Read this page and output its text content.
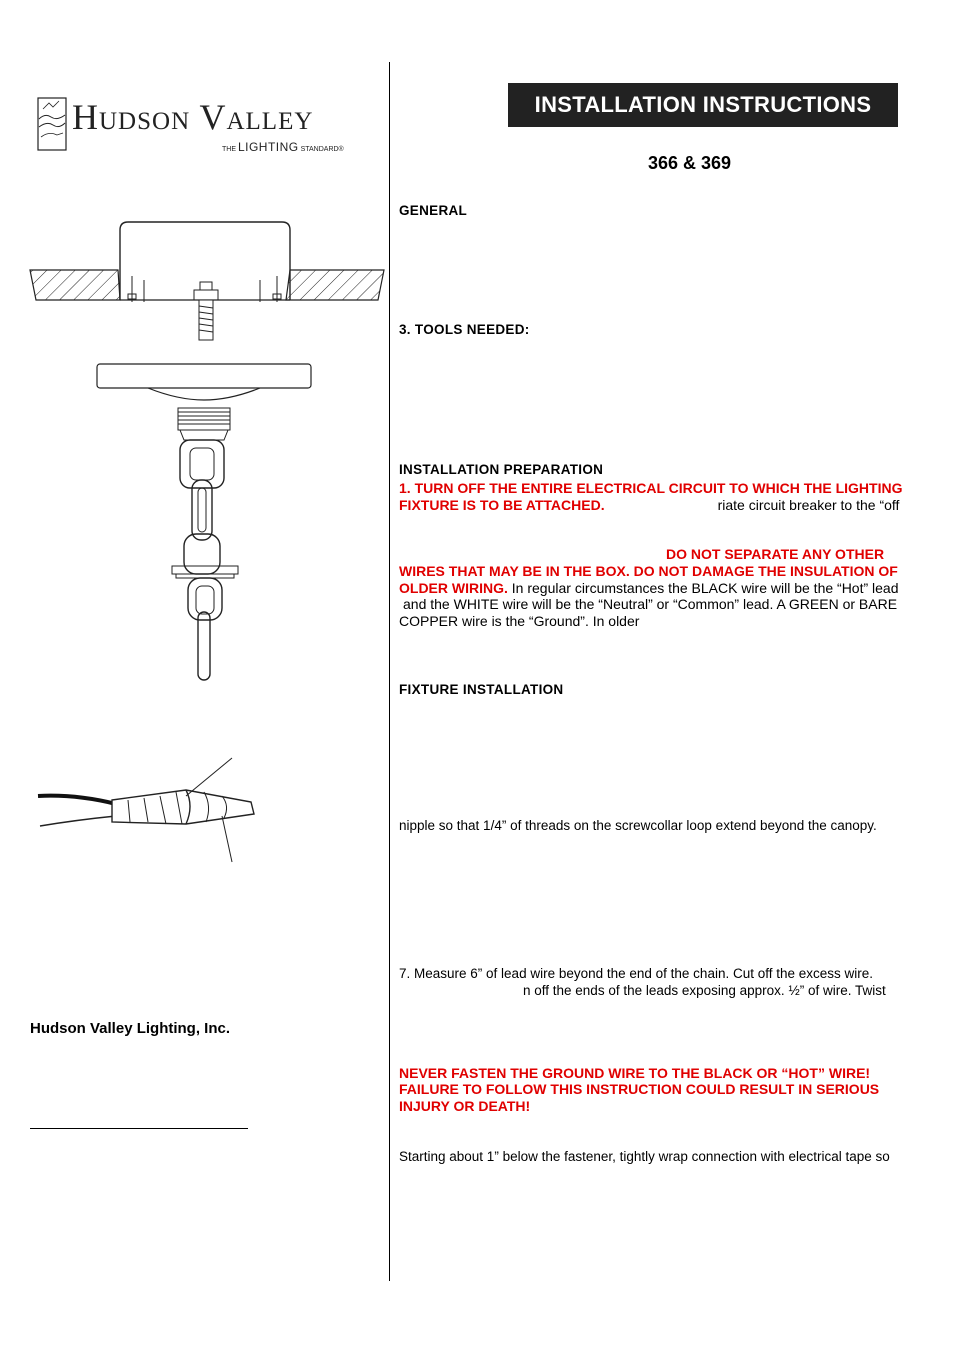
Hudson Valley
THE LIGHTING STANDARD®
Hudson Valley Lighting, Inc.
INSTALLATION INSTRUCTIONS
366 & 369
GENERAL
3. TOOLS NEEDED:
INSTALLATION PREPARATION
1. TURN OFF THE ENTIRE ELECTRICAL CIRCUIT TO WHICH THE LIGHTING
FIXTURE IS TO BE ATTACHED.	riate circuit breaker to the “off
DO NOT SEPARATE ANY OTHER
WIRES THAT MAY BE IN THE BOX. DO NOT DAMAGE THE INSULATION OF
OLDER WIRING. In regular circumstances the BLACK wire will be the “Hot” lead
and the WHITE wire will be the “Neutral” or “Common” lead. A GREEN or BARE
COPPER wire is the “Ground”. In older
FIXTURE INSTALLATION
nipple so that 1/4” of threads on the screwcollar loop extend beyond the canopy.
7. Measure 6” of lead wire beyond the end of the chain. Cut off the excess wire.
n off the ends of the leads exposing approx. ½” of wire. Twist
NEVER FASTEN THE GROUND WIRE TO THE BLACK OR “HOT” WIRE!
FAILURE TO FOLLOW THIS INSTRUCTION COULD RESULT IN SERIOUS
INJURY OR DEATH!
Starting about 1” below the fastener, tightly wrap connection with electrical tape so
